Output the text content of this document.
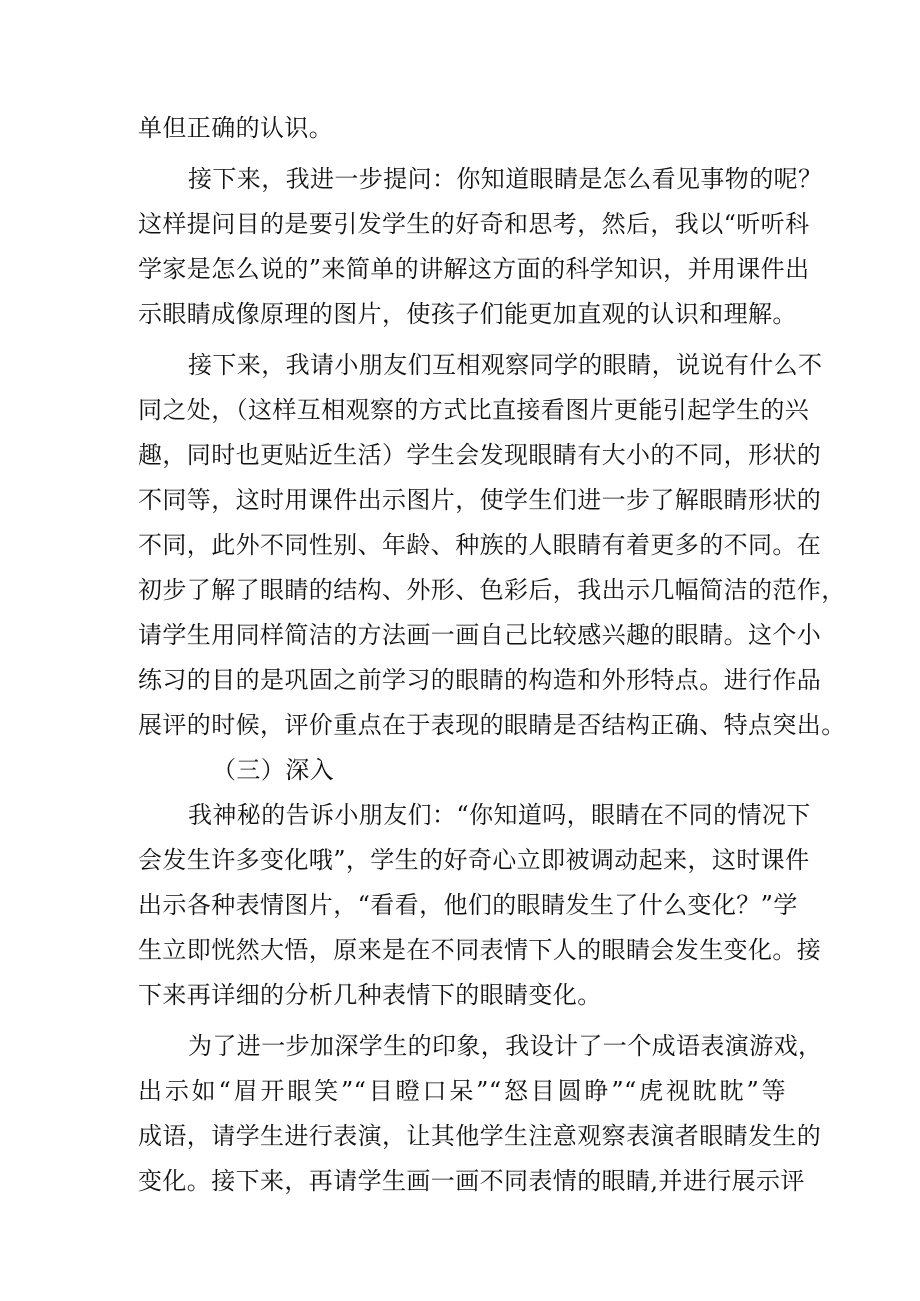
单但正确的认识。
接下来，我进一步提问：你知道眼睛是怎么看见事物的呢？
这样提问目的是要引发学生的好奇和思考，然后，我以“听听科
学家是怎么说的”来简单的讲解这方面的科学知识，并用课件出
示眼睛成像原理的图片，使孩子们能更加直观的认识和理解。
接下来，我请小朋友们互相观察同学的眼睛，说说有什么不
同之处，（这样互相观察的方式比直接看图片更能引起学生的兴
趣，同时也更贴近生活）学生会发现眼睛有大小的不同，形状的
不同等，这时用课件出示图片，使学生们进一步了解眼睛形状的
不同，此外不同性别、年龄、种族的人眼睛有着更多的不同。在
初步了解了眼睛的结构、外形、色彩后，我出示几幅简洁的范作，
请学生用同样简洁的方法画一画自己比较感兴趣的眼睛。这个小
练习的目的是巩固之前学习的眼睛的构造和外形特点。进行作品
展评的时候，评价重点在于表现的眼睛是否结构正确、特点突出。
（三）深入
我神秘的告诉小朋友们：“你知道吗，眼睛在不同的情况下
会发生许多变化哦”，学生的好奇心立即被调动起来，这时课件
出示各种表情图片，“看看，他们的眼睛发生了什么变化？”学
生立即恍然大悟，原来是在不同表情下人的眼睛会发生变化。接
下来再详细的分析几种表情下的眼睛变化。
为了进一步加深学生的印象，我设计了一个成语表演游戏，
出示如“眉开眼笑”“目瞪口呆”“怒目圆睁”“虎视眈眈”等
成语，请学生进行表演，让其他学生注意观察表演者眼睛发生的
变化。接下来，再请学生画一画不同表情的眼睛,并进行展示评
